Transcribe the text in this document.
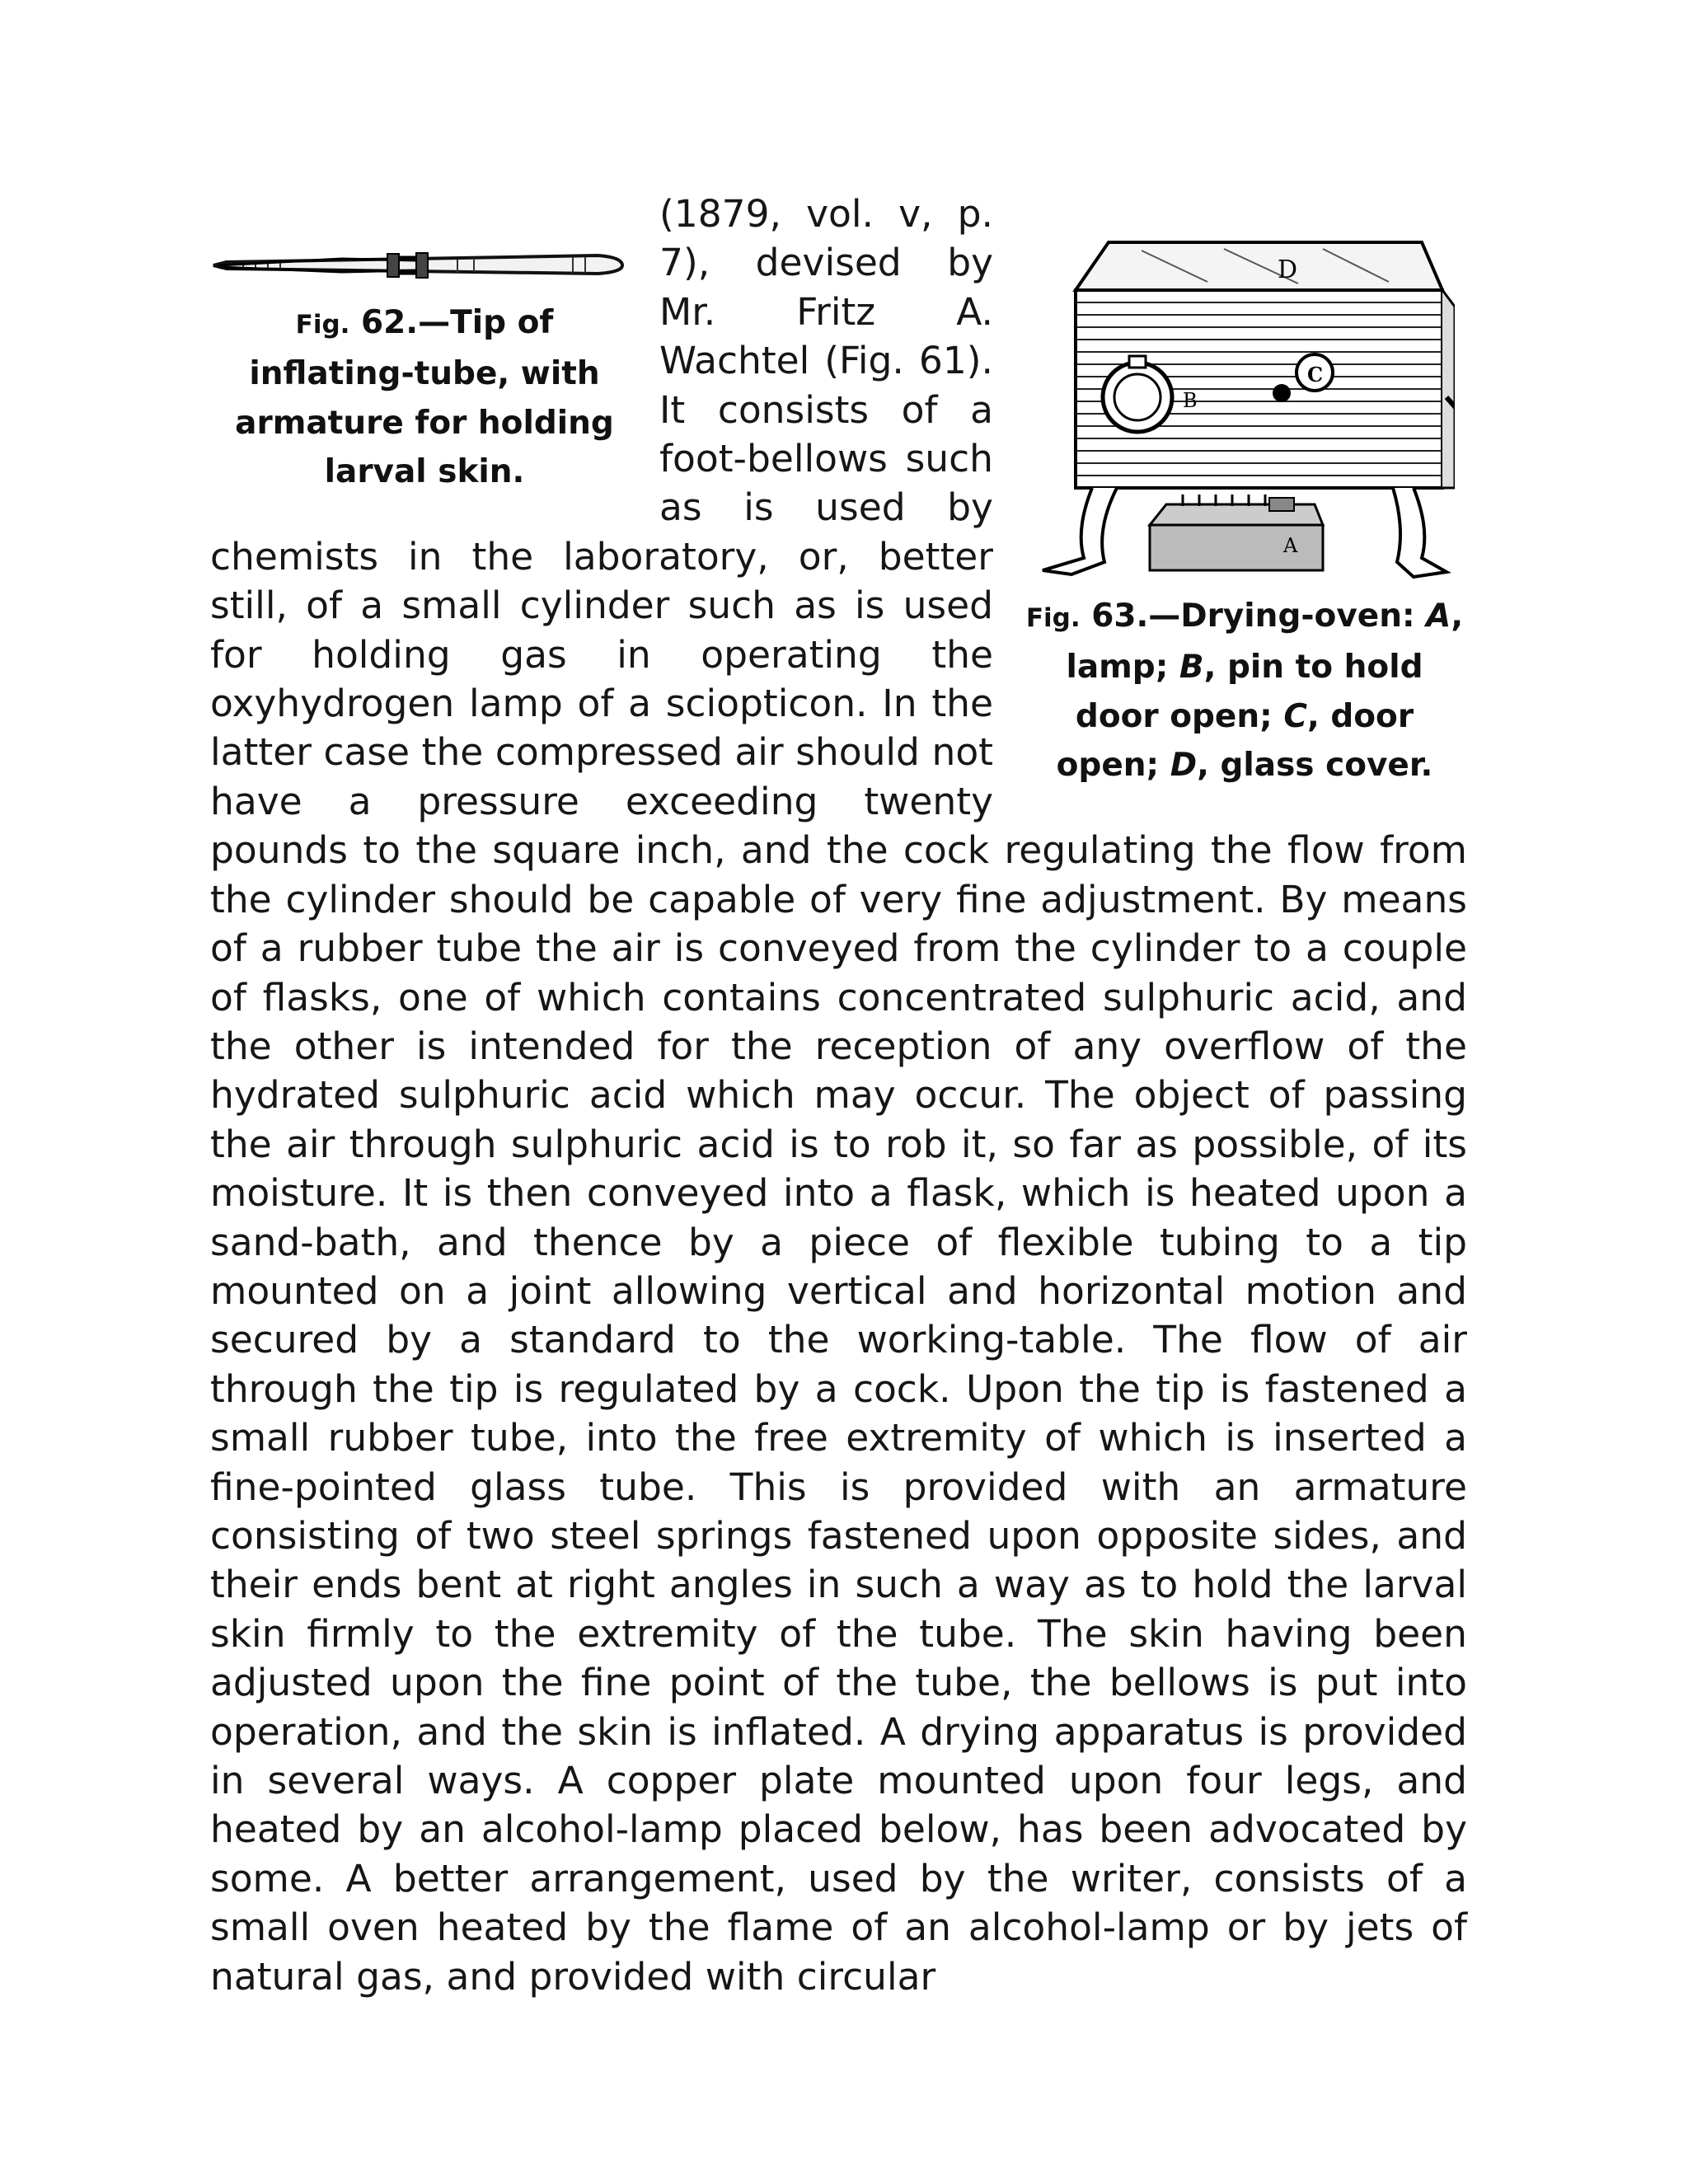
Fig. 62.—Tip of inflating-tube, with armature for holding larval skin.
D
C
B
A
Fig. 63.—Drying-oven: A, lamp; B, pin to hold door open; C, door open; D, glass cover.

(1879, vol. v, p. 7), devised by Mr. Fritz A. Wachtel (Fig. 61). It consists of a foot-bellows such as is used by chemists in the laboratory, or, better still, of a small cylinder such as is used for holding gas in operating the oxyhydrogen lamp of a sciopticon. In the latter case the compressed air should not have a pressure exceeding twenty pounds to the square inch, and the cock regulating the flow from the cylinder should be capable of very fine adjustment. By means of a rubber tube the air is conveyed from the cylinder to a couple of flasks, one of which contains concentrated sulphuric acid, and the other is intended for the reception of any overflow of the hydrated sulphuric acid which may occur. The object of passing the air through sulphuric acid is to rob it, so far as possible, of its moisture. It is then conveyed into a flask, which is heated upon a sand-bath, and thence by a piece of flexible tubing to a tip mounted on a joint allowing vertical and horizontal motion and secured by a standard to the working-table. The flow of air through the tip is regulated by a cock. Upon the tip is fastened a small rubber tube, into the free extremity of which is inserted a fine-pointed glass tube. This is provided with an armature consisting of two steel springs fastened upon opposite sides, and their ends bent at right angles in such a way as to hold the larval skin firmly to the extremity of the tube. The skin having been adjusted upon the fine point of the tube, the bellows is put into operation, and the skin is inflated. A drying apparatus is provided in several ways. A copper plate mounted upon four legs, and heated by an alcohol-lamp placed below, has been advocated by some. A better arrangement, used by the writer, consists of a small oven heated by the flame of an alcohol-lamp or by jets of natural gas, and provided with circular
